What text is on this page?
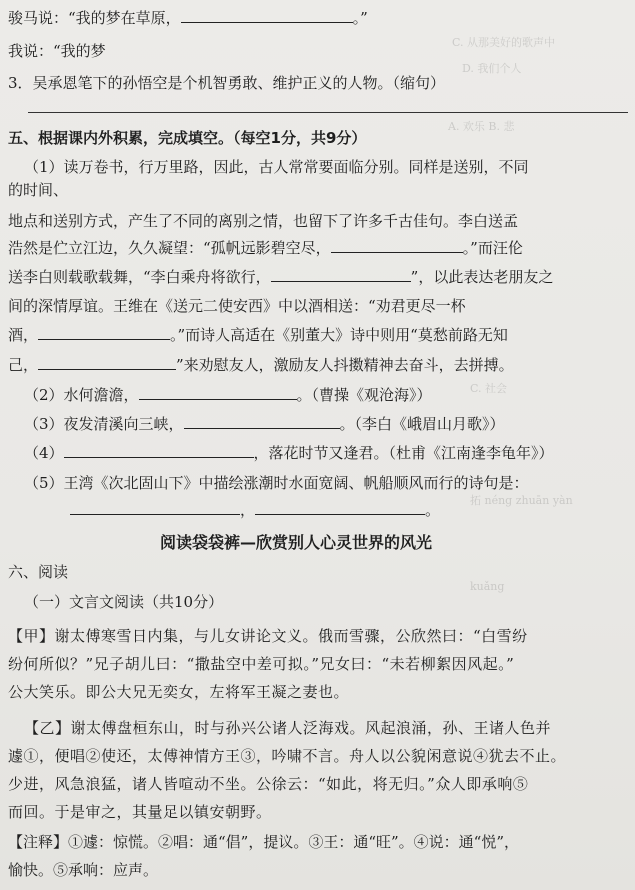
C. 从那美好的歌声中
D. 我们个人
A. 欢乐 B. 悲
C. 社会
拓 néng zhuān yàn
kuǎng
骏马说：“我的梦在草原，	。”
我说：“我的梦
3．吴承恩笔下的孙悟空是个机智勇敢、维护正义的人物。（缩句）
五、根据课内外积累，完成填空。（每空1分，共9分）
（1）读万卷书，行万里路，因此，古人常常要面临分别。同样是送别，不同
的时间、
地点和送别方式，产生了不同的离别之情，也留下了许多千古佳句。李白送孟
浩然是伫立江边，久久凝望：“孤帆远影碧空尽，	。”而汪伦
送李白则载歌载舞，“李白乘舟将欲行，	”，以此表达老朋友之
间的深情厚谊。王维在《送元二使安西》中以酒相送：“劝君更尽一杯
酒，	。”而诗人高适在《别董大》诗中则用“莫愁前路无知
己，	”来劝慰友人，激励友人抖擞精神去奋斗，去拼搏。
（2）水何澹澹，	。（曹操《观沧海》）
（3）夜发清溪向三峡，	。（李白《峨眉山月歌》）
（4）	，落花时节又逢君。（杜甫《江南逢李龟年》）
（5）王湾《次北固山下》中描绘涨潮时水面宽阔、帆船顺风而行的诗句是：
，	。
阅读袋袋裤—欣赏别人心灵世界的风光
六、阅读
（一）文言文阅读（共10分）
【甲】谢太傅寒雪日内集，与儿女讲论文义。俄而雪骤，公欣然曰：“白雪纷
纷何所似？”兄子胡儿曰：“撒盐空中差可拟。”兄女曰：“未若柳絮因风起。”
公大笑乐。即公大兄无奕女，左将军王凝之妻也。
【乙】谢太傅盘桓东山，时与孙兴公诸人泛海戏。风起浪涌，孙、王诸人色并
遽①，便唱②使还，太傅神情方王③，吟啸不言。舟人以公貌闲意说④犹去不止。
少进，风急浪猛，诸人皆喧动不坐。公徐云：“如此，将无归。”众人即承响⑤
而回。于是审之，其量足以镇安朝野。
【注释】①遽：惊慌。②唱：通“倡”，提议。③王：通“旺”。④说：通“悦”，
愉快。⑤承响：应声。
